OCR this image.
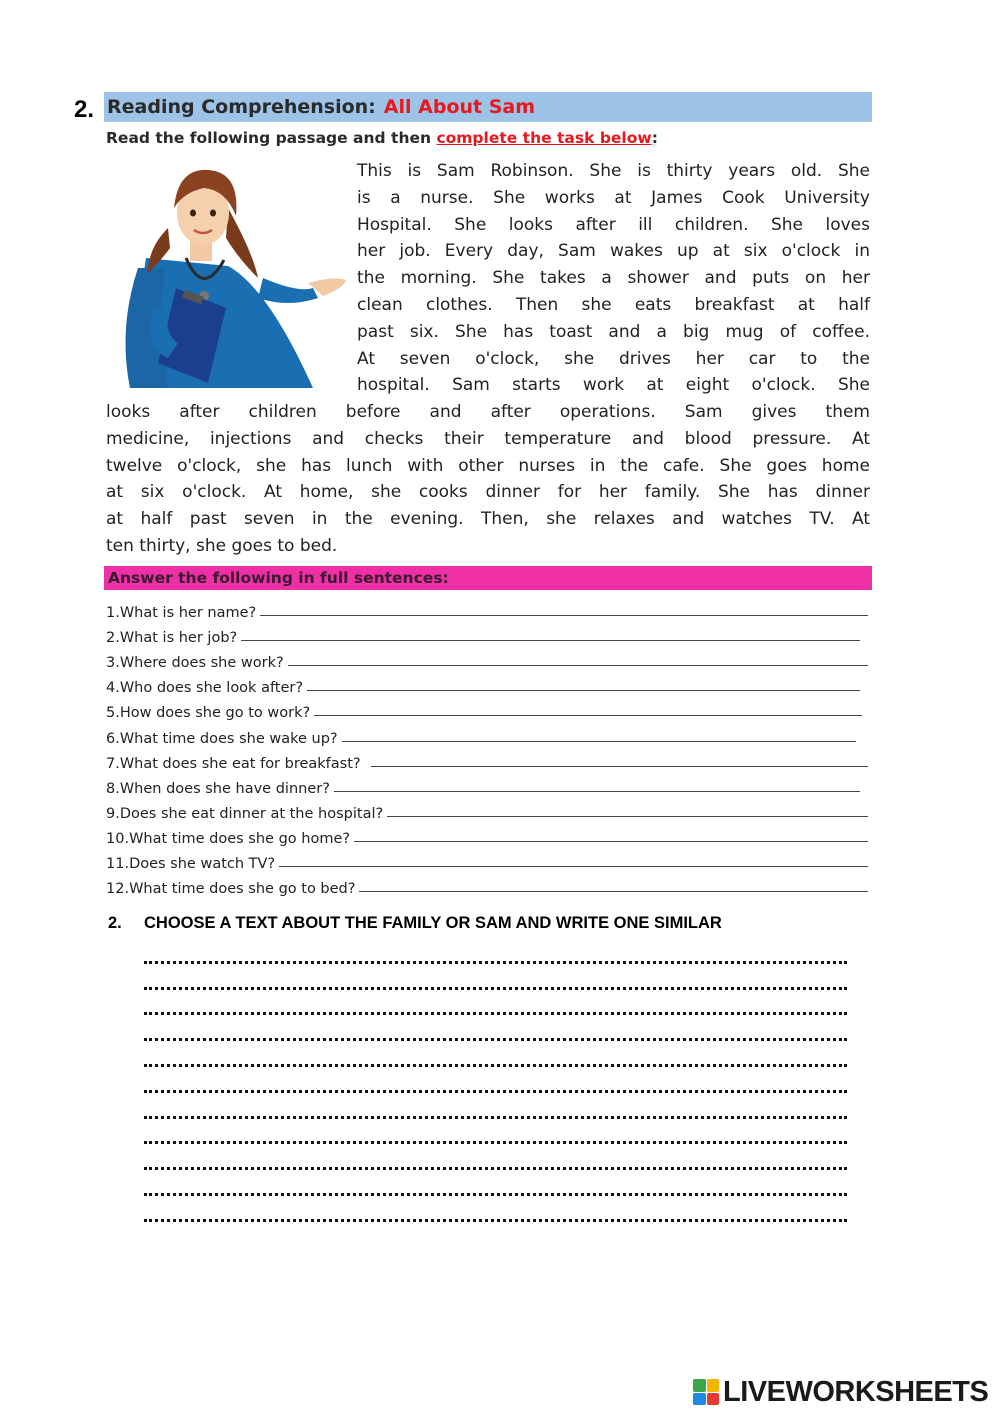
2. Reading Comprehension: All About Sam
Read the following passage and then complete the task below:
This is Sam Robinson. She is thirty years old. She
is a nurse. She works at James Cook University
Hospital. She looks after ill children. She loves
her job. Every day, Sam wakes up at six o'clock in
the morning. She takes a shower and puts on her
clean clothes. Then she eats breakfast at half
past six. She has toast and a big mug of coffee.
At seven o'clock, she drives her car to the
hospital. Sam starts work at eight o'clock. She
looks after children before and after operations. Sam gives them
medicine, injections and checks their temperature and blood pressure. At
twelve o'clock, she has lunch with other nurses in the cafe. She goes home
at six o'clock. At home, she cooks dinner for her family. She has dinner
at half past seven in the evening. Then, she relaxes and watches TV. At
ten thirty, she goes to bed.
Answer the following in full sentences:
1. What is her name?
2. What is her job?
3. Where does she work?
4. Who does she look after?
5. How does she go to work?
6. What time does she wake up?
7. What does she eat for breakfast?
8. When does she have dinner?
9. Does she eat dinner at the hospital?
10. What time does she go home?
11. Does she watch TV?
12. What time does she go to bed?
2. CHOOSE A TEXT ABOUT THE FAMILY OR SAM AND WRITE ONE SIMILAR
LIVEWORKSHEETS
